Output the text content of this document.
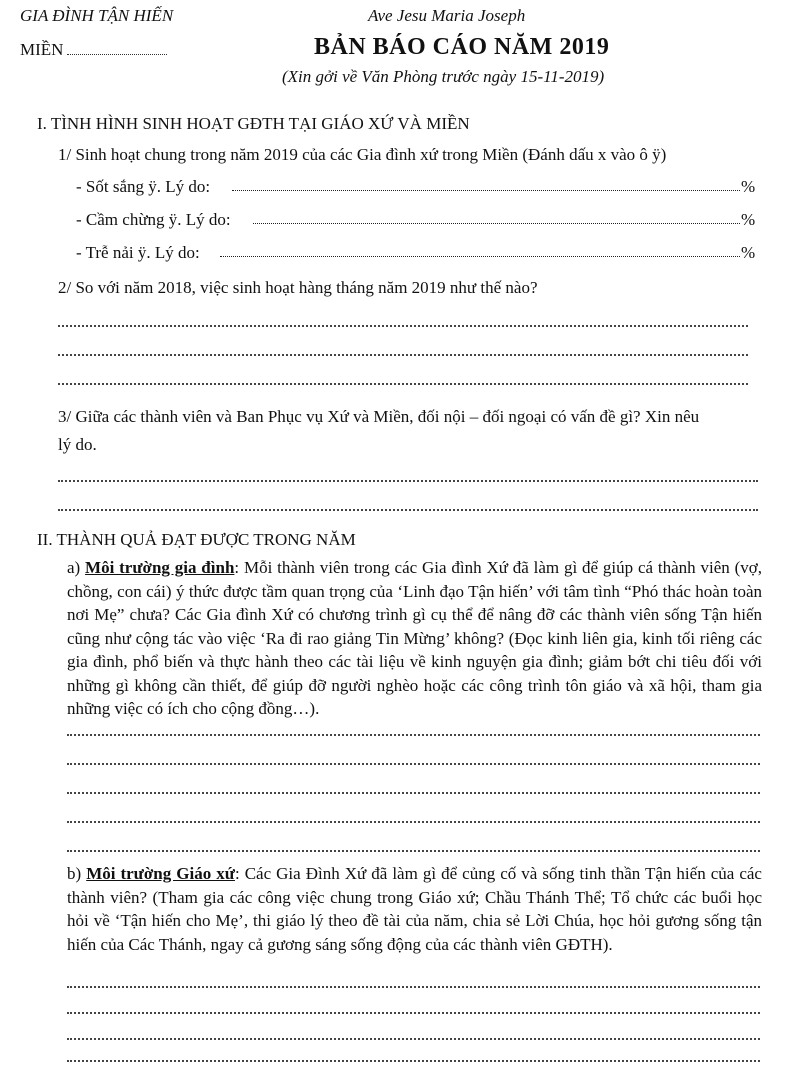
GIA ĐÌNH TẬN HIẾN	Ave Jesu Maria Joseph
MIỀN	BẢN BÁO CÁO NĂM 2019
(Xin gởi về Văn Phòng trước ngày 15-11-2019)
I. TÌNH HÌNH SINH HOẠT GĐTH TẠI GIÁO XỨ VÀ MIỀN
1/ Sinh hoạt chung trong năm 2019 của các Gia đình xứ trong Miền (Đánh dấu x vào ô ÿ)
- Sốt sắng ÿ. Lý do:	%
- Cầm chừng ÿ. Lý do:	%
- Trễ nải ÿ. Lý do:	%
2/ So với năm 2018, việc sinh hoạt hàng tháng năm 2019 như thế nào?
3/ Giữa các thành viên và Ban Phục vụ Xứ và Miền, đối nội – đối ngoại có vấn đề gì? Xin nêu
lý do.
II. THÀNH QUẢ ĐẠT ĐƯỢC TRONG NĂM
a) Môi trường gia đình: Mỗi thành viên trong các Gia đình Xứ đã làm gì để giúp cá thành viên (vợ, chồng, con cái) ý thức được tầm quan trọng của ‘Linh đạo Tận hiến’ với tâm tình “Phó thác hoàn toàn nơi Mẹ” chưa? Các Gia đình Xứ có chương trình gì cụ thể để nâng đỡ các thành viên sống Tận hiến cũng như cộng tác vào việc ‘Ra đi rao giảng Tin Mừng’ không? (Đọc kinh liên gia, kinh tối riêng các gia đình, phổ biến và thực hành theo các tài liệu về kinh nguyện gia đình; giảm bớt chi tiêu đối với những gì không cần thiết, để giúp đỡ người nghèo hoặc các công trình tôn giáo và xã hội, tham gia những việc có ích cho cộng đồng…).
b) Môi trường Giáo xứ: Các Gia Đình Xứ đã làm gì để củng cố và sống tinh thần Tận hiến của các thành viên? (Tham gia các công việc chung trong Giáo xứ; Chầu Thánh Thể; Tổ chức các buổi học hỏi về ‘Tận hiến cho Mẹ’, thi giáo lý theo đề tài của năm, chia sẻ Lời Chúa, học hỏi gương sống tận hiến của Các Thánh, ngay cả gương sáng sống động của các thành viên GĐTH).
